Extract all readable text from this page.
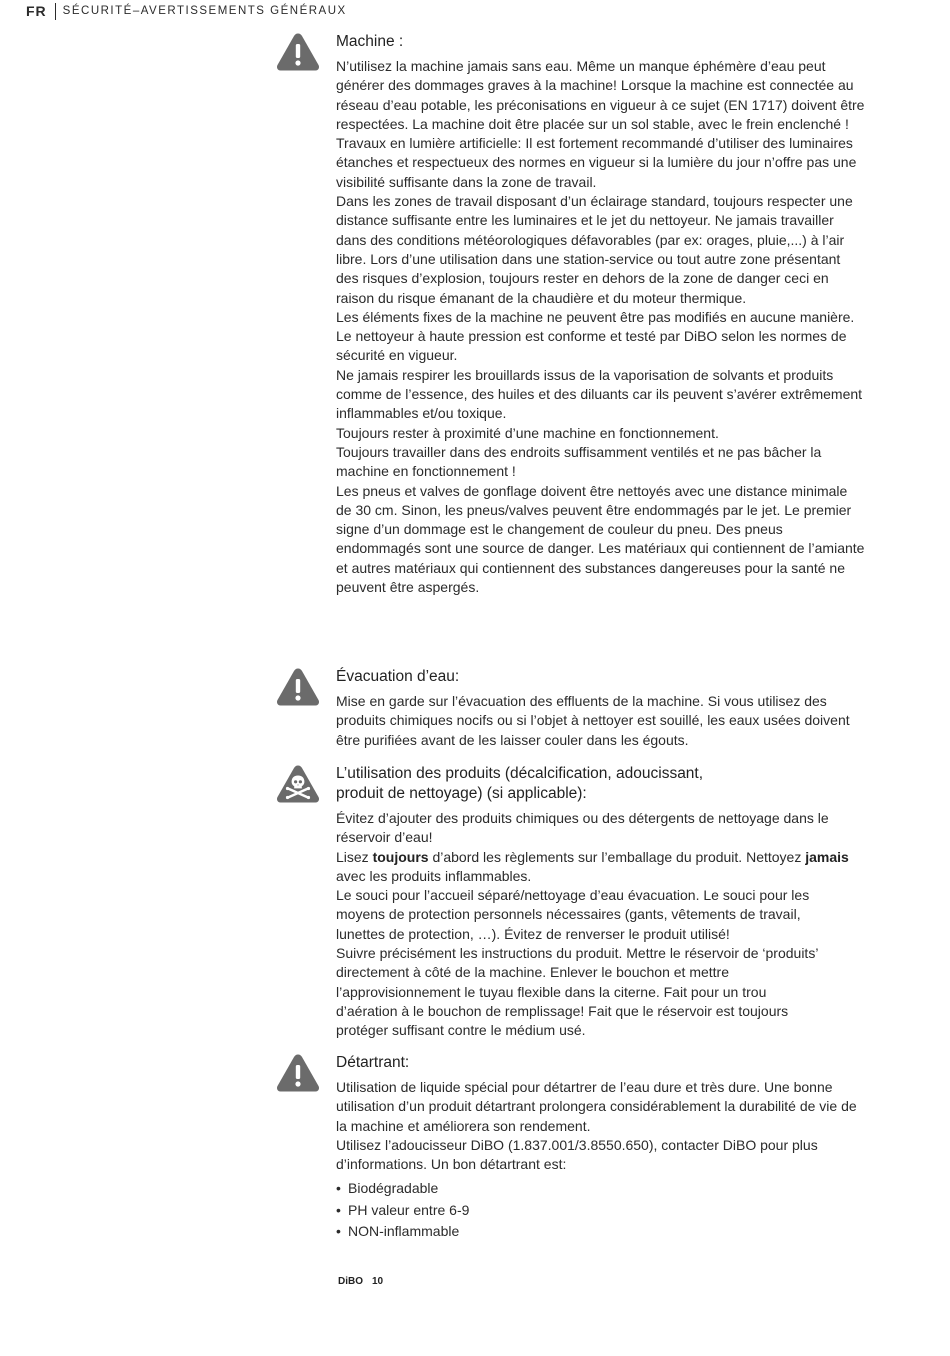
FR SÉCURITÉ–AVERTISSEMENTS GÉNÉRAUX
Machine :

N’utilisez la machine jamais sans eau. Même un manque éphémère d’eau peut générer des dommages graves à la machine! Lorsque la machine est connectée au réseau d’eau potable, les préconisations en vigueur à ce sujet (EN 1717) doivent être respectées. La machine doit être placée sur un sol stable, avec le frein enclenché !

Travaux en lumière artificielle: Il est fortement recommandé d’utiliser des luminaires étanches et respectueux des normes en vigueur si la lumière du jour n’offre pas une visibilité suffisante dans la zone de travail.

Dans les zones de travail disposant d’un éclairage standard, toujours respecter une distance suffisante entre les luminaires et le jet du nettoyeur. Ne jamais travailler dans des conditions météorologiques défavorables (par ex: orages, pluie,...) à l’air libre. Lors d’une utilisation dans une station-service ou tout autre zone présentant des risques d’explosion, toujours rester en dehors de la zone de danger ceci en raison du risque émanant de la chaudière et du moteur thermique.

Les éléments fixes de la machine ne peuvent être pas modifiés en aucune manière.

Le nettoyeur à haute pression est conforme et testé par DiBO selon les normes de sécurité en vigueur.

Ne jamais respirer les brouillards issus de la vaporisation de solvants et produits comme de l’essence, des huiles et des diluants car ils peuvent s’avérer extrêmement inflammables et/ou toxique.

Toujours rester à proximité d’une machine en fonctionnement.

Toujours travailler dans des endroits suffisamment ventilés et ne pas bâcher la machine en fonctionnement !

Les pneus et valves de gonflage doivent être nettoyés avec une distance minimale de 30 cm. Sinon, les pneus/valves peuvent être endommagés par le jet. Le premier signe d’un dommage est le changement de couleur du pneu. Des pneus endommagés sont une source de danger. Les matériaux qui contiennent de l’amiante et autres matériaux qui contiennent des substances dangereuses pour la santé ne peuvent être aspergés.

Évacuation d’eau:

Mise en garde sur l’évacuation des effluents de la machine. Si vous utilisez des produits chimiques nocifs ou si l’objet à nettoyer est souillé, les eaux usées doivent être purifiées avant de les laisser couler dans les égouts.

L’utilisation des produits (décalcification, adoucissant,
produit de nettoyage) (si applicable):

Évitez d’ajouter des produits chimiques ou des détergents de nettoyage dans le réservoir d’eau!

Lisez toujours d’abord les règlements sur l’emballage du produit. Nettoyez jamais avec les produits inflammables.

Le souci pour l’accueil séparé/nettoyage d’eau évacuation. Le souci pour les moyens de protection personnels nécessaires (gants, vêtements de travail, lunettes de protection, …). Évitez de renverser le produit utilisé!

Suivre précisément les instructions du produit. Mettre le réservoir de ‘produits’ directement à côté de la machine. Enlever le bouchon et mettre l’approvisionnement le tuyau flexible dans la citerne. Fait pour un trou d’aération à le bouchon de remplissage! Fait que le réservoir est toujours protéger suffisant contre le médium usé.

Détartrant:

Utilisation de liquide spécial pour détartrer de l’eau dure et très dure. Une bonne utilisation d’un produit détartrant prolongera considérablement la durabilité de vie de la machine et améliorera son rendement.

Utilisez l’adoucisseur DiBO (1.837.001/3.8550.650), contacter DiBO pour plus d’informations. Un bon détartrant est:

• Biodégradable
• PH valeur entre 6-9
• NON-inflammable
DiBO 10
